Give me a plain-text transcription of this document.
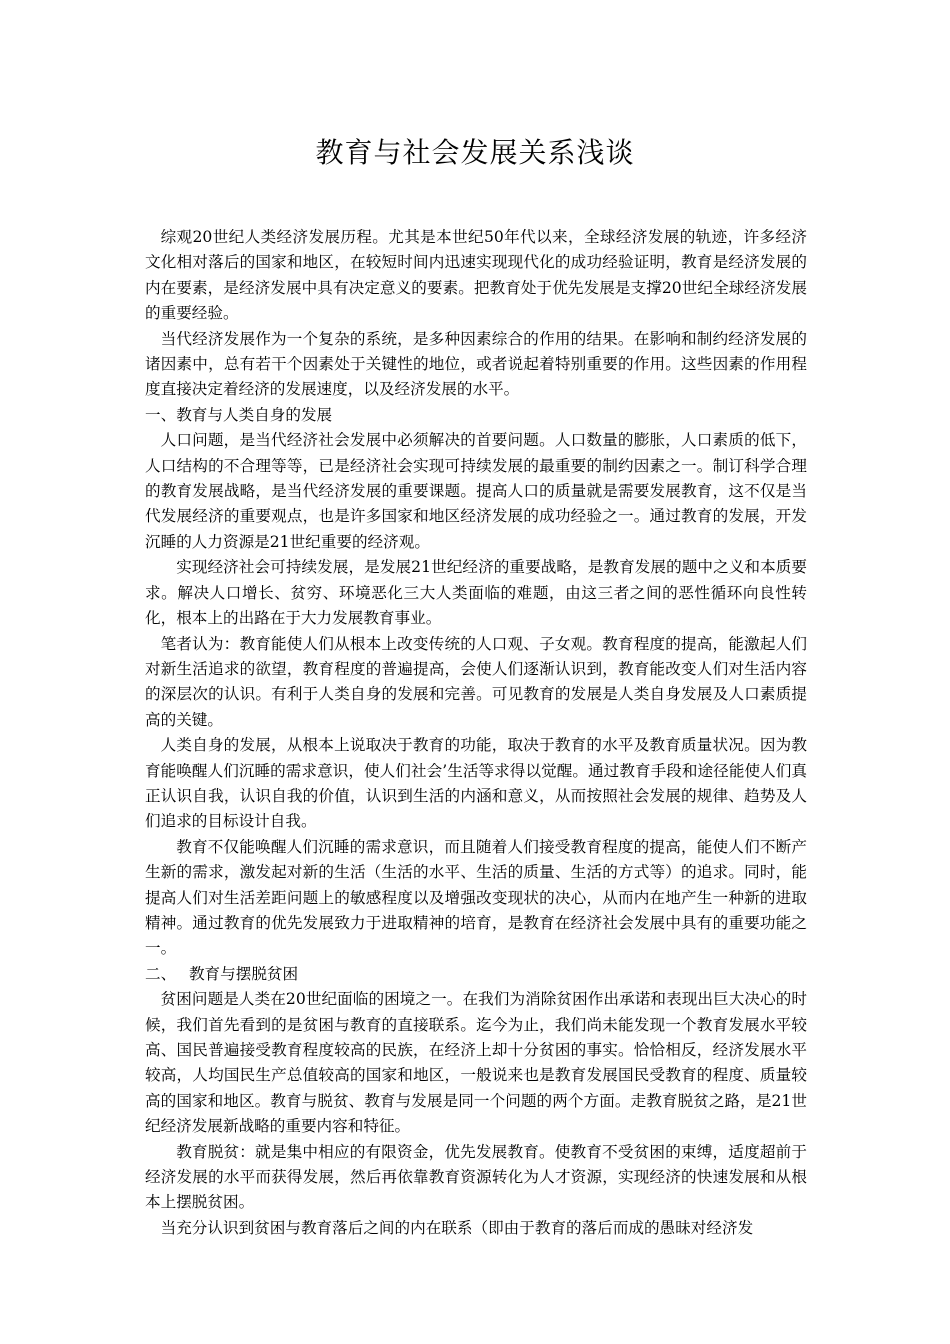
教育与社会发展关系浅谈

综观20世纪人类经济发展历程。尤其是本世纪50年代以来，全球经济发展的轨迹，许多经济文化相对落后的国家和地区，在较短时间内迅速实现现代化的成功经验证明，教育是经济发展的内在要素，是经济发展中具有决定意义的要素。把教育处于优先发展是支撑20世纪全球经济发展的重要经验。

当代经济发展作为一个复杂的系统，是多种因素综合的作用的结果。在影响和制约经济发展的诸因素中，总有若干个因素处于关键性的地位，或者说起着特别重要的作用。这些因素的作用程度直接决定着经济的发展速度，以及经济发展的水平。

一、教育与人类自身的发展

人口问题，是当代经济社会发展中必须解决的首要问题。人口数量的膨胀，人口素质的低下，人口结构的不合理等等，已是经济社会实现可持续发展的最重要的制约因素之一。制订科学合理的教育发展战略，是当代经济发展的重要课题。提高人口的质量就是需要发展教育，这不仅是当代发展经济的重要观点，也是许多国家和地区经济发展的成功经验之一。通过教育的发展，开发沉睡的人力资源是21世纪重要的经济观。

实现经济社会可持续发展，是发展21世纪经济的重要战略，是教育发展的题中之义和本质要求。解决人口增长、贫穷、环境恶化三大人类面临的难题，由这三者之间的恶性循环向良性转化，根本上的出路在于大力发展教育事业。

笔者认为：教育能使人们从根本上改变传统的人口观、子女观。教育程度的提高，能激起人们对新生活追求的欲望，教育程度的普遍提高，会使人们逐渐认识到，教育能改变人们对生活内容的深层次的认识。有利于人类自身的发展和完善。可见教育的发展是人类自身发展及人口素质提高的关键。

人类自身的发展，从根本上说取决于教育的功能，取决于教育的水平及教育质量状况。因为教育能唤醒人们沉睡的需求意识，使人们社会’生活等求得以觉醒。通过教育手段和途径能使人们真正认识自我，认识自我的价值，认识到生活的内涵和意义，从而按照社会发展的规律、趋势及人们追求的目标设计自我。

教育不仅能唤醒人们沉睡的需求意识，而且随着人们接受教育程度的提高，能使人们不断产生新的需求，激发起对新的生活（生活的水平、生活的质量、生活的方式等）的追求。同时，能提高人们对生活差距问题上的敏感程度以及增强改变现状的决心，从而内在地产生一种新的进取精神。通过教育的优先发展致力于进取精神的培育，是教育在经济社会发展中具有的重要功能之一。

二、　 教育与摆脱贫困

贫困问题是人类在20世纪面临的困境之一。在我们为消除贫困作出承诺和表现出巨大决心的时候，我们首先看到的是贫困与教育的直接联系。迄今为止，我们尚未能发现一个教育发展水平较高、国民普遍接受教育程度较高的民族，在经济上却十分贫困的事实。恰恰相反，经济发展水平较高，人均国民生产总值较高的国家和地区，一般说来也是教育发展国民受教育的程度、质量较高的国家和地区。教育与脱贫、教育与发展是同一个问题的两个方面。走教育脱贫之路，是21世纪经济发展新战略的重要内容和特征。

教育脱贫：就是集中相应的有限资金，优先发展教育。使教育不受贫困的束缚，适度超前于经济发展的水平而获得发展，然后再依靠教育资源转化为人才资源，实现经济的快速发展和从根本上摆脱贫困。

当充分认识到贫困与教育落后之间的内在联系（即由于教育的落后而成的愚昧对经济发
